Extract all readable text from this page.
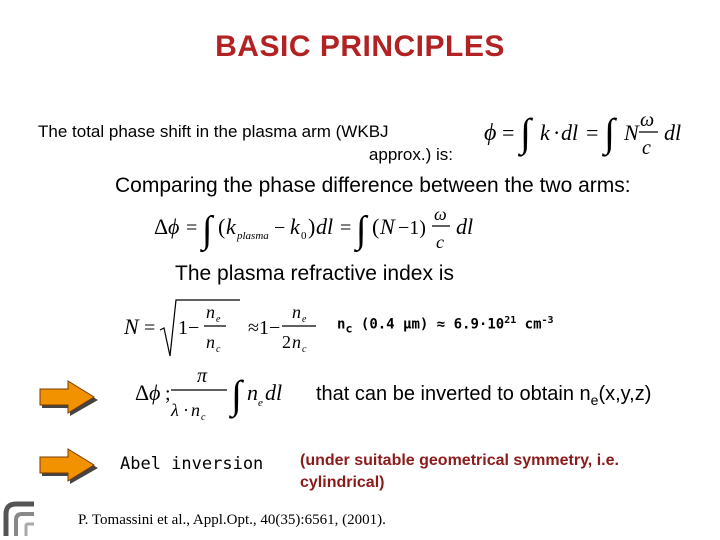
BASIC PRINCIPLES
The total phase shift in the plasma arm (WKBJ
approx.) is:
ϕ = ∫ k · dl = ∫ N ω
c
dl
Comparing the phase difference between the two arms:
Δ ϕ = ∫ ( k plasma − k 0 ) dl = ∫ ( N −1)
ω
c
dl
The plasma refractive index is
N = 1−
n e
n c
≈1−
n e
2 n c
$n_c$ (0.4 $\mu m) \approx 6.9\cdot 10^{21}$ $cm^{-3}$
Δ ϕ ;
π
λ · n c
∫ n e dl that can be inverted to obtain $n_e(x,y,z)$
Abel inversion (under suitable geometrical symmetry, i.e. cylindrical)
P. Tomassini et al., Appl.Opt., 40(35):6561, (2001).
